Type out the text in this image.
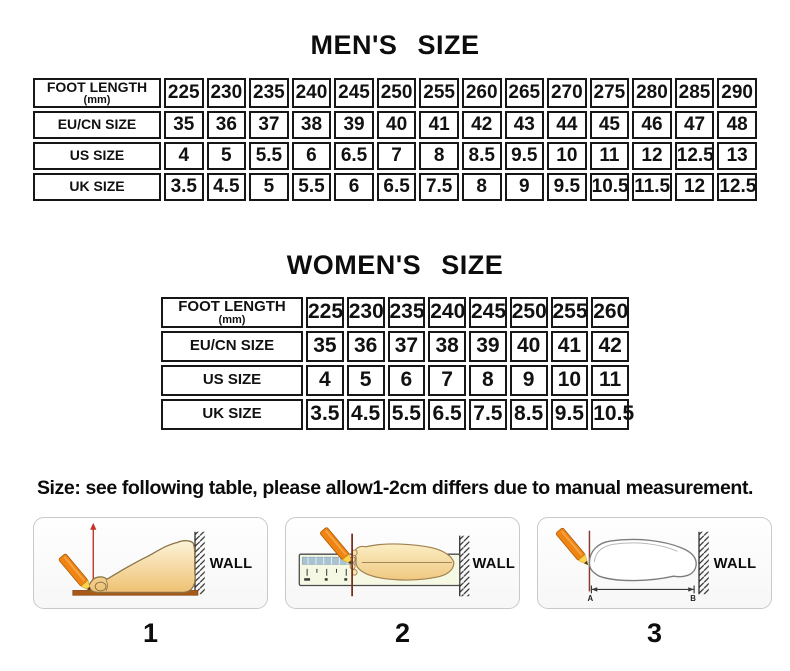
MEN'S SIZE
FOOT LENGTH
(mm)	225	230	235	240	245	250	255	260	265	270	275	280	285	290

EU/CN SIZE	35	36	37	38	39	40	41	42	43	44	45	46	47	48

US SIZE	4	5	5.5	6	6.5	7	8	8.5	9.5	10	11	12	12.5	13

UK SIZE	3.5	4.5	5	5.5	6	6.5	7.5	8	9	9.5	10.5	11.5	12	12.5
WOMEN'S SIZE
FOOT LENGTH
(mm)	225	230	235	240	245	250	255	260

EU/CN SIZE	35	36	37	38	39	40	41	42

US SIZE	4	5	6	7	8	9	10	11

UK SIZE	3.5	4.5	5.5	6.5	7.5	8.5	9.5	10.5
Size: see following table, please allow1-2cm differs due to manual measurement.
WALL	WALL	WALL
A	B
1	2	3
